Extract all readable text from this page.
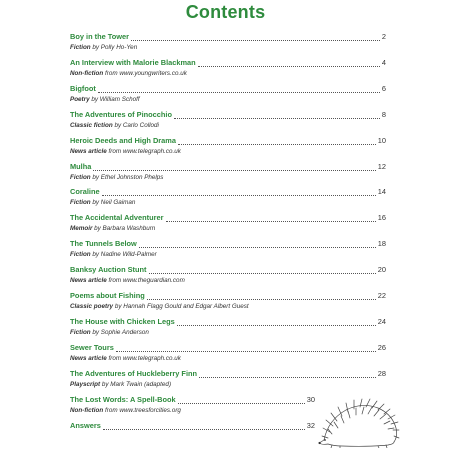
Contents
Boy in the Tower	2
Fiction by Polly Ho-Yen
An Interview with Malorie Blackman	4
Non-fiction from www.youngwriters.co.uk
Bigfoot	6
Poetry by William Schoff
The Adventures of Pinocchio	8
Classic fiction by Carlo Collodi
Heroic Deeds and High Drama	10
News article from www.telegraph.co.uk
Mulha	12
Fiction by Ethel Johnston Phelps
Coraline	14
Fiction by Neil Gaiman
The Accidental Adventurer	16
Memoir by Barbara Washburn
The Tunnels Below	18
Fiction by Nadine Wild-Palmer
Banksy Auction Stunt	20
News article from www.theguardian.com
Poems about Fishing	22
Classic poetry by Hannah Flagg Gould and Edgar Albert Guest
The House with Chicken Legs	24
Fiction by Sophie Anderson
Sewer Tours	26
News article from www.telegraph.co.uk
The Adventures of Huckleberry Finn	28
Playscript by Mark Twain (adapted)
The Lost Words: A Spell-Book	30
Non-fiction from www.treesforcities.org
Answers	32
